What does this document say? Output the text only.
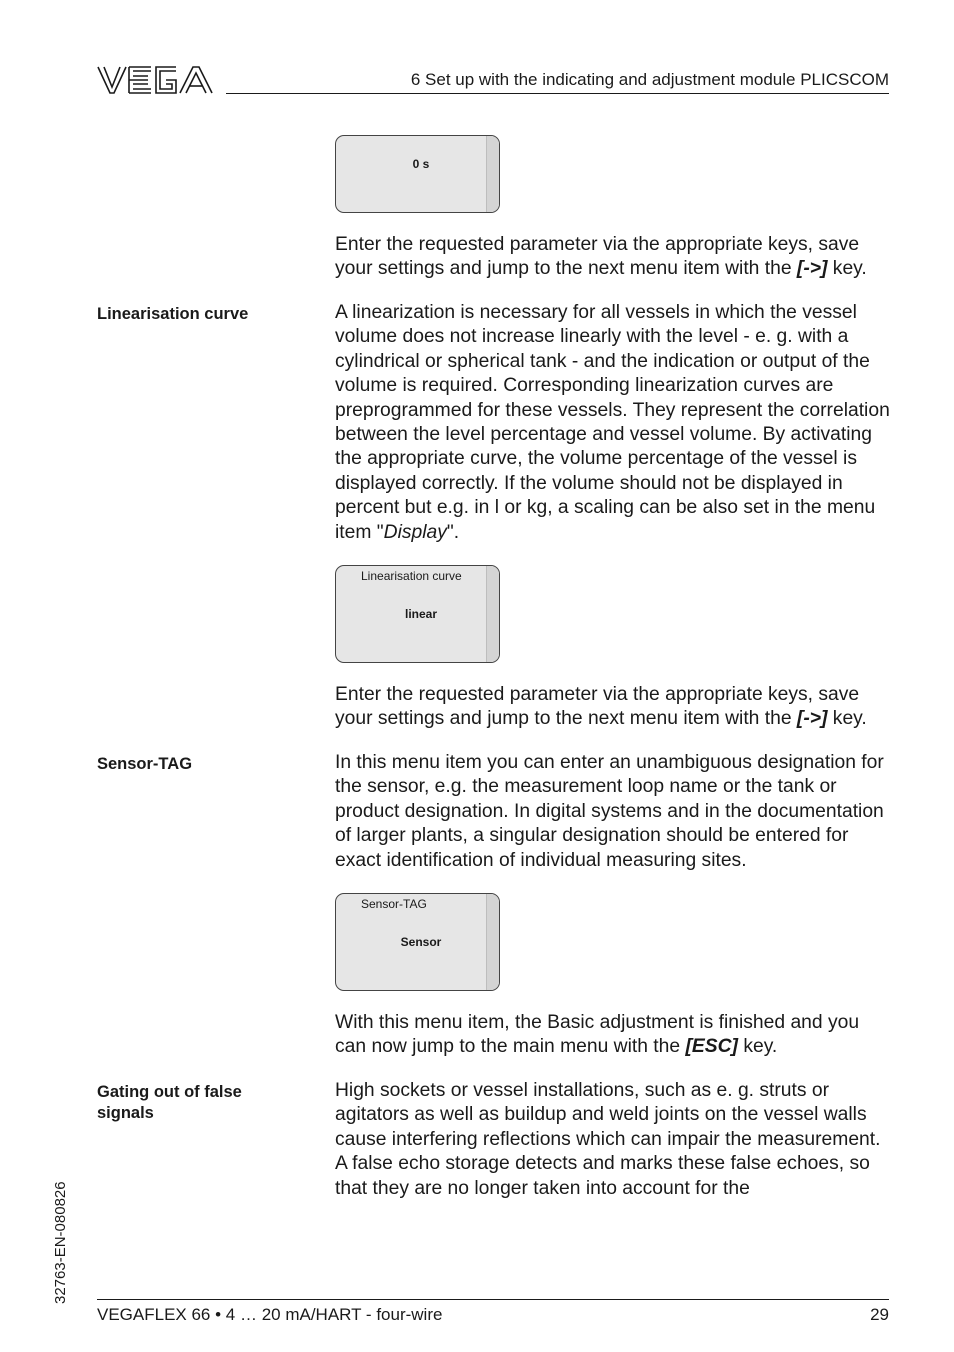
6 Set up with the indicating and adjustment module PLICSCOM
0 s
Enter the requested parameter via the appropriate keys, save your settings and jump to the next menu item with the [->] key.
Linearisation curve	A linearization is necessary for all vessels in which the vessel volume does not increase linearly with the level - e. g. with a cylindrical or spherical tank - and the indication or output of the volume is required. Corresponding linearization curves are preprogrammed for these vessels. They represent the correlation between the level percentage and vessel volume. By activating the appropriate curve, the volume percentage of the vessel is displayed correctly. If the volume should not be displayed in percent but e.g. in l or kg, a scaling can be also set in the menu item "Display".
Linearisation curve
linear
Enter the requested parameter via the appropriate keys, save your settings and jump to the next menu item with the [->] key.
Sensor-TAG	In this menu item you can enter an unambiguous designation for the sensor, e.g. the measurement loop name or the tank or product designation. In digital systems and in the documentation of larger plants, a singular designation should be entered for exact identification of individual measuring sites.
Sensor-TAG
Sensor
With this menu item, the Basic adjustment is finished and you can now jump to the main menu with the [ESC] key.
Gating out of false signals
High sockets or vessel installations, such as e. g. struts or agitators as well as buildup and weld joints on the vessel walls cause interfering reflections which can impair the measurement. A false echo storage detects and marks these false echoes, so that they are no longer taken into account for the
32763-EN-080826
VEGAFLEX 66 • 4 … 20 mA/HART - four-wire	29
